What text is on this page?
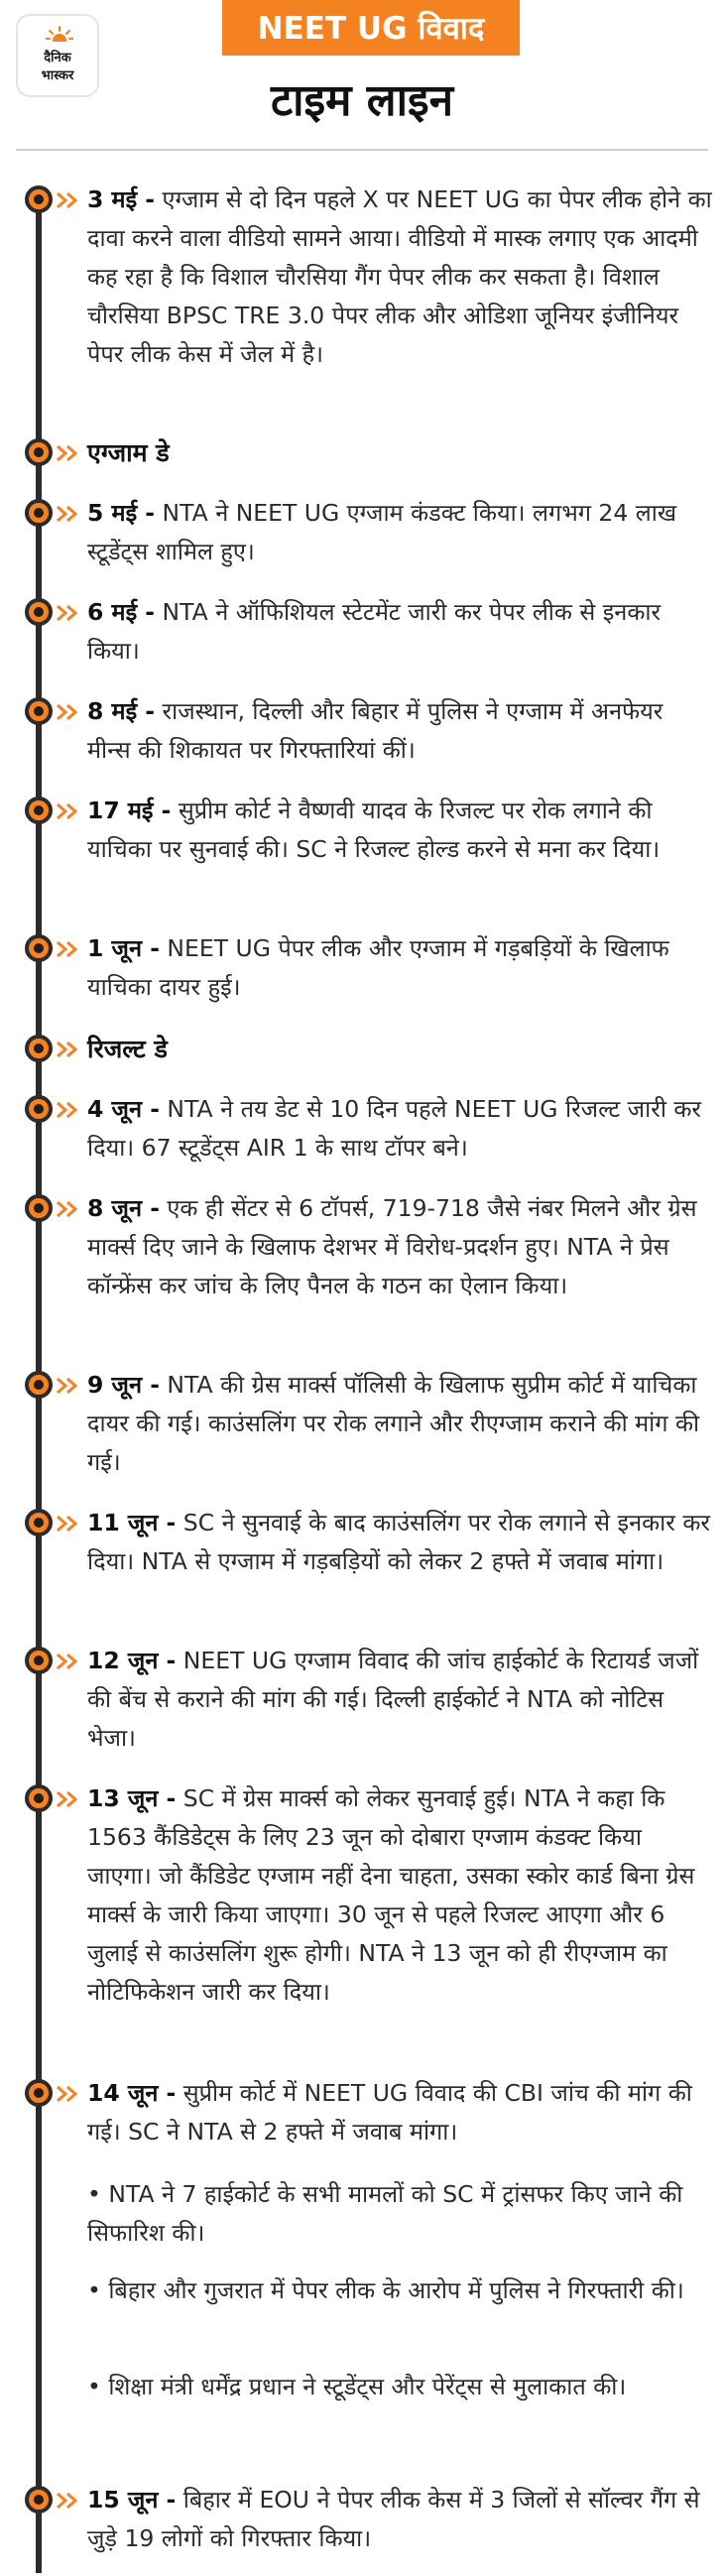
दैनिक
भास्कर
NEET UG विवाद
टाइम लाइन
3 मई - एग्जाम से दो दिन पहले X पर NEET UG का पेपर लीक होने का दावा करने वाला वीडियो सामने आया। वीडियो में मास्क लगाए एक आदमी कह रहा है कि विशाल चौरसिया गैंग पेपर लीक कर सकता है। विशाल चौरसिया BPSC TRE 3.0 पेपर लीक और ओडिशा जूनियर इंजीनियर पेपर लीक केस में जेल में है।
एग्जाम डे
5 मई - NTA ने NEET UG एग्जाम कंडक्ट किया। लगभग 24 लाख स्टूडेंट्स शामिल हुए।
6 मई - NTA ने ऑफिशियल स्टेटमेंट जारी कर पेपर लीक से इनकार किया।
8 मई - राजस्थान, दिल्ली और बिहार में पुलिस ने एग्जाम में अनफेयर मीन्स की शिकायत पर गिरफ्तारियां कीं।
17 मई - सुप्रीम कोर्ट ने वैष्णवी यादव के रिजल्ट पर रोक लगाने की याचिका पर सुनवाई की। SC ने रिजल्ट होल्ड करने से मना कर दिया।
1 जून - NEET UG पेपर लीक और एग्जाम में गड़बड़ियों के खिलाफ याचिका दायर हुई।
रिजल्ट डे
4 जून - NTA ने तय डेट से 10 दिन पहले NEET UG रिजल्ट जारी कर दिया। 67 स्टूडेंट्स AIR 1 के साथ टॉपर बने।
8 जून - एक ही सेंटर से 6 टॉपर्स, 719-718 जैसे नंबर मिलने और ग्रेस मार्क्स दिए जाने के खिलाफ देशभर में विरोध-प्रदर्शन हुए। NTA ने प्रेस कॉन्फ्रेंस कर जांच के लिए पैनल के गठन का ऐलान किया।
9 जून - NTA की ग्रेस मार्क्स पॉलिसी के खिलाफ सुप्रीम कोर्ट में याचिका दायर की गई। काउंसलिंग पर रोक लगाने और रीएग्जाम कराने की मांग की गई।
11 जून - SC ने सुनवाई के बाद काउंसलिंग पर रोक लगाने से इनकार कर दिया। NTA से एग्जाम में गड़बड़ियों को लेकर 2 हफ्ते में जवाब मांगा।
12 जून - NEET UG एग्जाम विवाद की जांच हाईकोर्ट के रिटायर्ड जजों की बेंच से कराने की मांग की गई। दिल्ली हाईकोर्ट ने NTA को नोटिस भेजा।
13 जून - SC में ग्रेस मार्क्स को लेकर सुनवाई हुई। NTA ने कहा कि 1563 कैंडिडेट्स के लिए 23 जून को दोबारा एग्जाम कंडक्ट किया जाएगा। जो कैंडिडेट एग्जाम नहीं देना चाहता, उसका स्कोर कार्ड बिना ग्रेस मार्क्स के जारी किया जाएगा। 30 जून से पहले रिजल्ट आएगा और 6 जुलाई से काउंसलिंग शुरू होगी। NTA ने 13 जून को ही रीएग्जाम का नोटिफिकेशन जारी कर दिया।
14 जून - सुप्रीम कोर्ट में NEET UG विवाद की CBI जांच की मांग की गई। SC ने NTA से 2 हफ्ते में जवाब मांगा।
• NTA ने 7 हाईकोर्ट के सभी मामलों को SC में ट्रांसफर किए जाने की सिफारिश की।
• बिहार और गुजरात में पेपर लीक के आरोप में पुलिस ने गिरफ्तारी की।
• शिक्षा मंत्री धर्मेंद्र प्रधान ने स्टूडेंट्स और पेरेंट्स से मुलाकात की।
15 जून - बिहार में EOU ने पेपर लीक केस में 3 जिलों से सॉल्वर गैंग से जुड़े 19 लोगों को गिरफ्तार किया।
